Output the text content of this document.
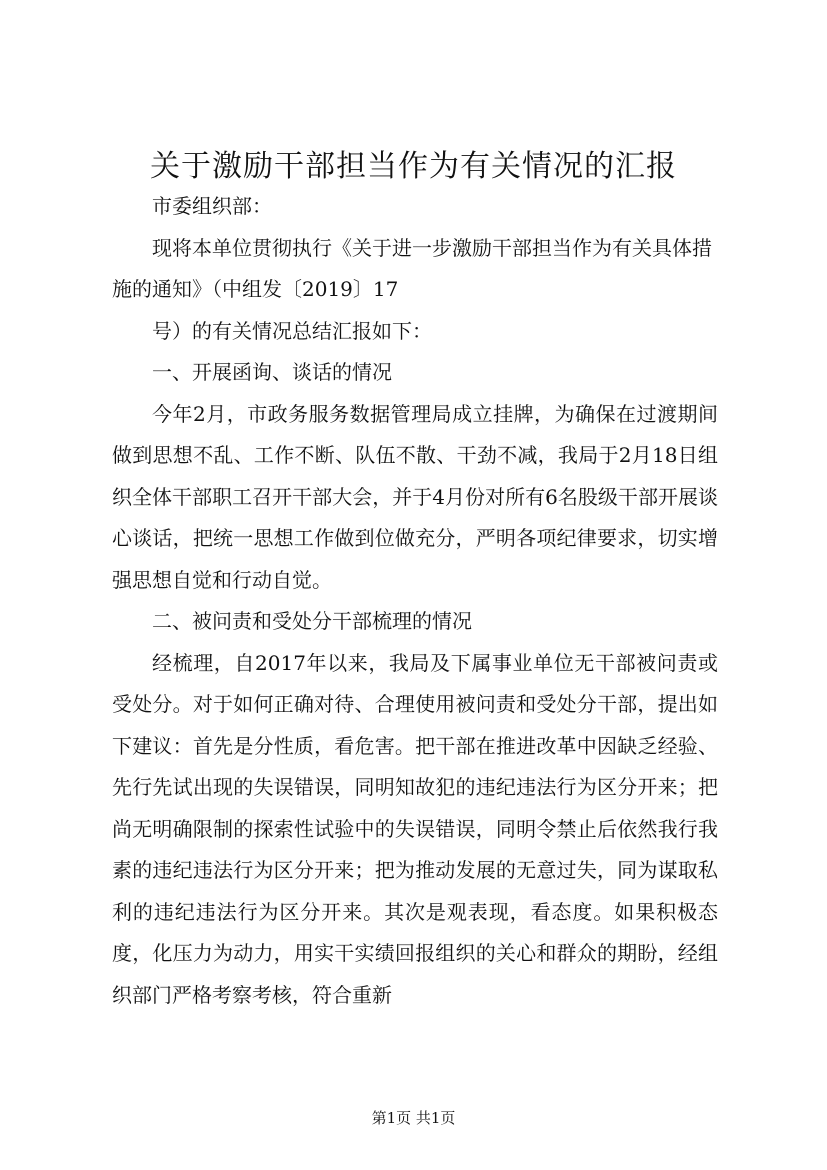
关于激励干部担当作为有关情况的汇报

市委组织部：

现将本单位贯彻执行《关于进一步激励干部担当作为有关具体措施的通知》（中组发〔2019〕17

号）的有关情况总结汇报如下：

一、开展函询、谈话的情况

今年2月，市政务服务数据管理局成立挂牌，为确保在过渡期间做到思想不乱、工作不断、队伍不散、干劲不减，我局于2月18日组织全体干部职工召开干部大会，并于4月份对所有6名股级干部开展谈心谈话，把统一思想工作做到位做充分，严明各项纪律要求，切实增强思想自觉和行动自觉。

二、被问责和受处分干部梳理的情况

经梳理，自2017年以来，我局及下属事业单位无干部被问责或受处分。对于如何正确对待、合理使用被问责和受处分干部，提出如下建议：首先是分性质，看危害。把干部在推进改革中因缺乏经验、先行先试出现的失误错误，同明知故犯的违纪违法行为区分开来；把尚无明确限制的探索性试验中的失误错误，同明令禁止后依然我行我素的违纪违法行为区分开来；把为推动发展的无意过失，同为谋取私利的违纪违法行为区分开来。其次是观表现，看态度。如果积极态度，化压力为动力，用实干实绩回报组织的关心和群众的期盼，经组织部门严格考察考核，符合重新

第1页 共1页
